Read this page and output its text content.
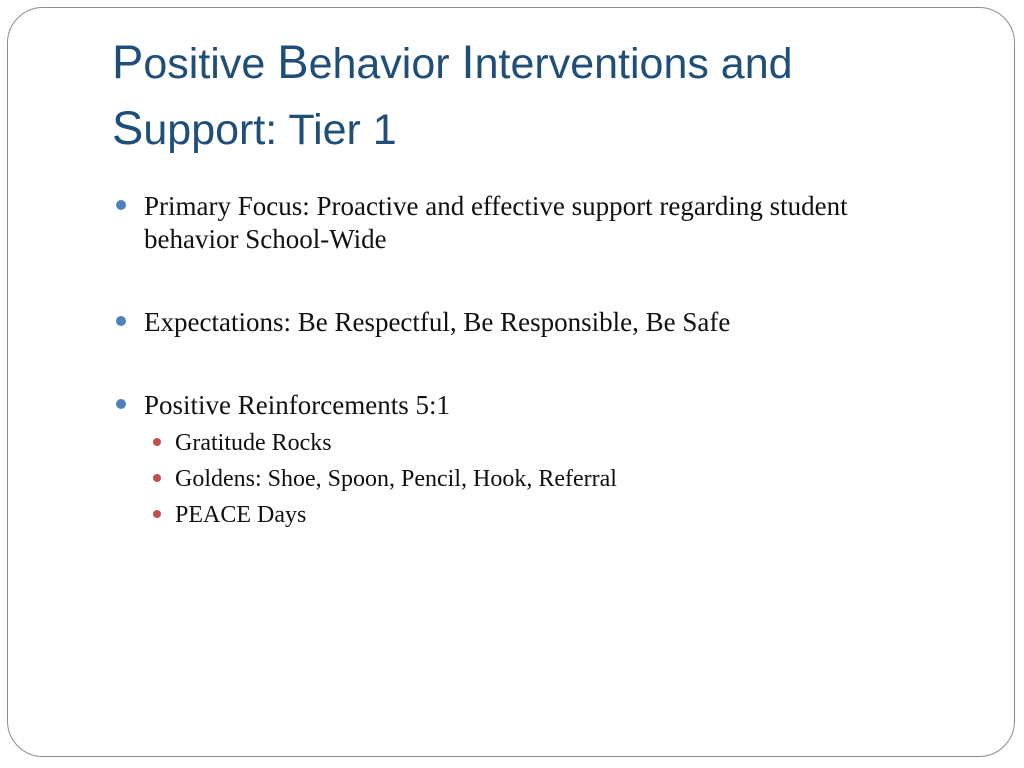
Positive Behavior Interventions and
Support: Tier 1
Primary Focus: Proactive and effective support regarding student
behavior School-Wide
Expectations: Be Respectful, Be Responsible, Be Safe
Positive Reinforcements 5:1
Gratitude Rocks
Goldens: Shoe, Spoon, Pencil, Hook, Referral
PEACE Days
